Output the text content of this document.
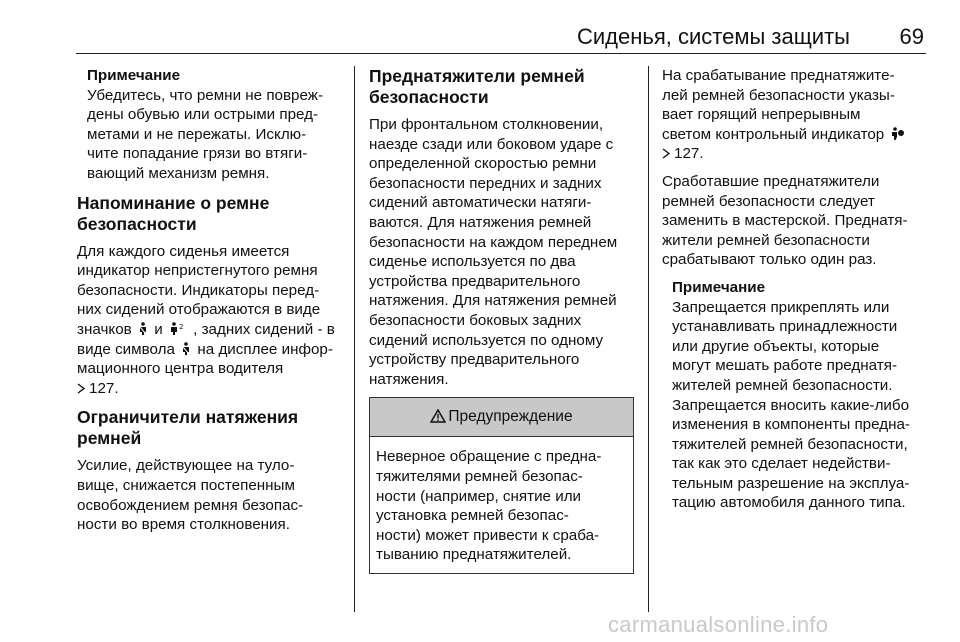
Сиденья, системы защиты 69
Примечание
Убедитесь, что ремни не повреж-
дены обувью или острыми пред-
метами и не пережаты. Исклю-
чите попадание грязи во втяги-
вающий механизм ремня.
Напоминание о ремне
безопасности
Для каждого сиденья имеется
индикатор непристегнутого ремня
безопасности. Индикаторы перед-
них сидений отображаются в виде
значков и 2 , задних сидений - в
виде символа на дисплее инфор-
мационного центра водителя
127.
Ограничители натяжения
ремней
Усилие, действующее на туло-
вище, снижается постепенным
освобождением ремня безопас-
ности во время столкновения.
Преднатяжители ремней
безопасности
При фронтальном столкновении,
наезде сзади или боковом ударе с
определенной скоростью ремни
безопасности передних и задних
сидений автоматически натяги-
ваются. Для натяжения ремней
безопасности на каждом переднем
сиденье используется по два
устройства предварительного
натяжения. Для натяжения ремней
безопасности боковых задних
сидений используется по одному
устройству предварительного
натяжения.
Предупреждение
Неверное обращение с предна-
тяжителями ремней безопас-
ности (например, снятие или
установка ремней безопас-
ности) может привести к сраба-
тыванию преднатяжителей.
На срабатывание преднатяжите-
лей ремней безопасности указы-
вает горящий непрерывным
светом контрольный индикатор
127.
Сработавшие преднатяжители
ремней безопасности следует
заменить в мастерской. Преднатя-
жители ремней безопасности
срабатывают только один раз.
Примечание
Запрещается прикреплять или
устанавливать принадлежности
или другие объекты, которые
могут мешать работе преднатя-
жителей ремней безопасности.
Запрещается вносить какие-либо
изменения в компоненты предна-
тяжителей ремней безопасности,
так как это сделает недействи-
тельным разрешение на эксплуа-
тацию автомобиля данного типа.
carmanualsonline.info
